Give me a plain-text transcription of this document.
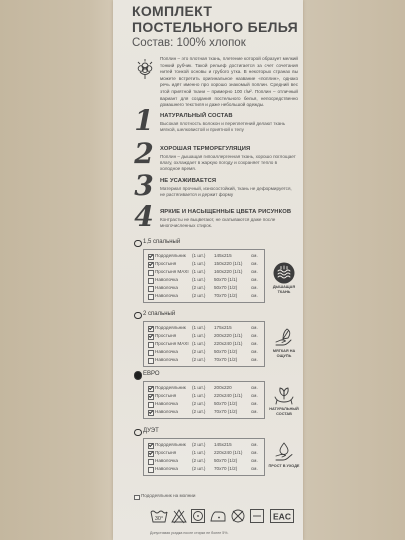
КОМПЛЕКТ
ПОСТЕЛЬНОГО БЕЛЬЯ
Состав: 100% хлопок
Поплин – это плотная ткань, плетение которой образует мелкий тонкий рубчик. Такой рельеф достигается за счет сочетания нитей тонкой основы и грубого утка. В некоторых странах вы можете встретить оригинальное название «поплин», однако речь идёт именно про хорошо знакомый поплин. Средний вес этой приятной ткани – примерно 100 г/м². Поплин – отличный вариант для создания постельного белья, непосредственно домашнего текстиля и даже небольшой одежды.
1 НАТУРАЛЬНЫЙ СОСТАВ
Высокая плотность волокон и переплетений делают ткань мягкой, шелковистой и приятной к телу
2 ХОРОШАЯ ТЕРМОРЕГУЛЯЦИЯ
Поплин – дышащая гипоаллергенная ткань, хорошо поглощает влагу, охлаждает в жаркую погоду и сохраняет тепло в холодное время.
3 НЕ УСАЖИВАЕТСЯ
Материал прочный, износостойкий, ткань не деформируется, не растягивается и держит форму
4 ЯРКИЕ И НАСЫЩЕННЫЕ ЦВЕТА РИСУНКОВ
Контрасты не выцветают, не скатываются даже после многочисленных стирок.
1,5 спальный
Пододеяльник (1 шт.) 145х215	см.
Простыня	(1 шт.) 150х220 (1/1) см.
Простыня MAXI (1 шт.) 160х220 (1/1) см.
Наволочка	(1 шт.) 50х70 (1/1)	см.
Наволочка	(2 шт.) 50х70 (1/2)	см.
Наволочка	(2 шт.) 70х70 (1/2)	см.
ДЫШАЩАЯ ТКАНЬ
2 спальный
Пододеяльник (1 шт.) 175х215	см.
Простыня	(1 шт.) 200х220 (1/1) см.
Простыня MAXI (1 шт.) 220х240 (1/1) см.
Наволочка	(2 шт.) 50х70 (1/2)	см.
Наволочка	(2 шт.) 70х70 (1/2)	см.
МЯГКАЯ НА ОЩУПЬ
ЕВРО
Пододеяльник (1 шт.) 200х220	см.
Простыня	(1 шт.) 220х240 (1/1) см.
Наволочка	(2 шт.) 50х70 (1/2)	см.
Наволочка	(2 шт.) 70х70 (1/2)	см.	НАТУРАЛЬНЫЙ СОСТАВ
ДУЭТ
Пододеяльник (2 шт.) 145х215	см.
Простыня	(1 шт.) 220х240 (1/1) см.
Наволочка	(2 шт.) 50х70 (1/2)	см.
Наволочка	(2 шт.) 70х70 (1/2)	см.	ПРОСТ В УХОДЕ
Пододеяльник на молнии
30°	EAC
Допустимая усадка после стирки не более 5%.
